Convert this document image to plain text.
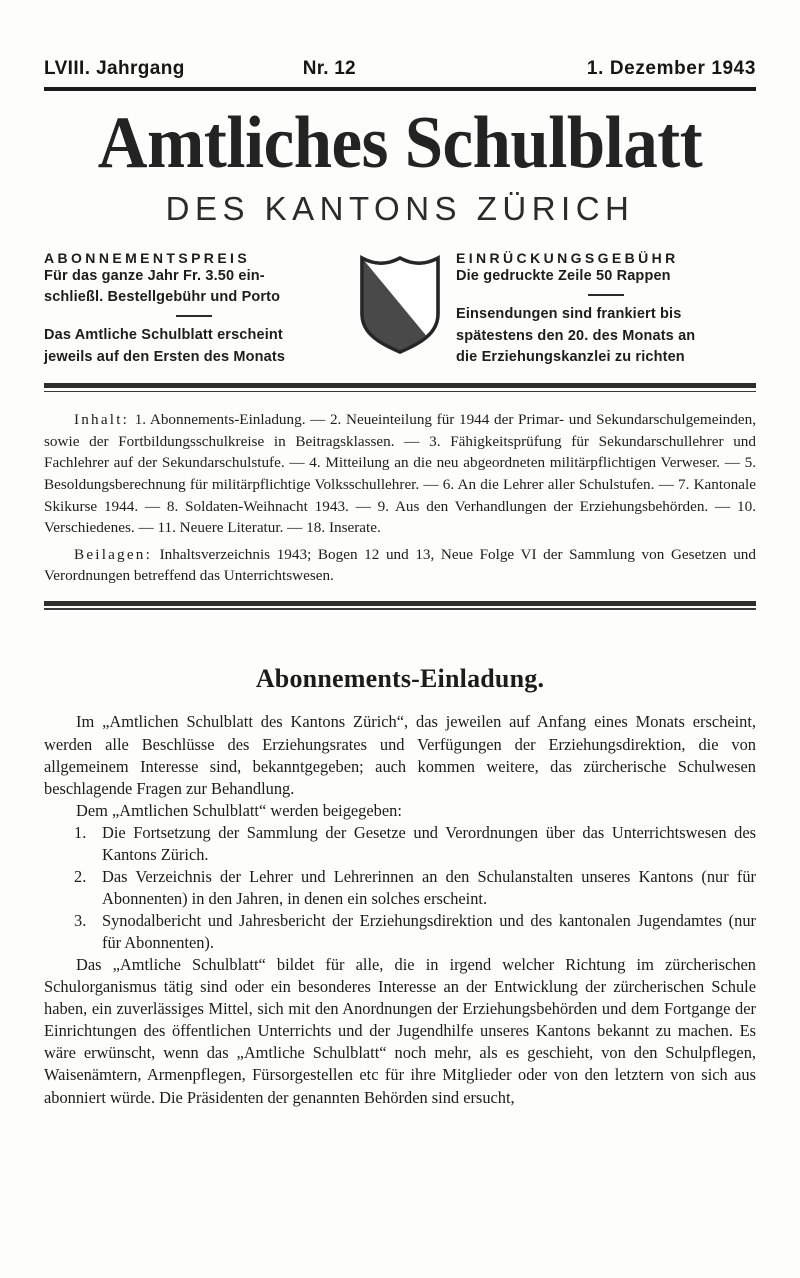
LVIII. Jahrgang	Nr. 12	1. Dezember 1943
Amtliches Schulblatt
DES KANTONS ZÜRICH
ABONNEMENTSPREIS
Für das ganze Jahr Fr. 3.50 ein-
schließl. Bestellgebühr und Porto
Das Amtliche Schulblatt erscheint
jeweils auf den Ersten des Monats
EINRÜCKUNGSGEBÜHR
Die gedruckte Zeile 50 Rappen
Einsendungen sind frankiert bis
spätestens den 20. des Monats an
die Erziehungskanzlei zu richten

Inhalt: 1. Abonnements-Einladung. — 2. Neueinteilung für 1944 der Primar- und Sekundarschulgemeinden, sowie der Fortbildungsschulkreise in Beitragsklassen. — 3. Fähigkeitsprüfung für Sekundarschullehrer und Fachlehrer auf der Sekundarschulstufe. — 4. Mitteilung an die neu abgeordneten militärpflichtigen Verweser. — 5. Besoldungsberechnung für militärpflichtige Volksschullehrer. — 6. An die Lehrer aller Schulstufen. — 7. Kantonale Skikurse 1944. — 8. Soldaten-Weihnacht 1943. — 9. Aus den Verhandlungen der Erziehungsbehörden. — 10. Verschiedenes. — 11. Neuere Literatur. — 18. Inserate.

Beilagen: Inhaltsverzeichnis 1943; Bogen 12 und 13, Neue Folge VI der Sammlung von Gesetzen und Verordnungen betreffend das Unterrichtswesen.

Abonnements-Einladung.

Im „Amtlichen Schulblatt des Kantons Zürich“, das jeweilen auf Anfang eines Monats erscheint, werden alle Beschlüsse des Erziehungsrates und Verfügungen der Erziehungsdirektion, die von allgemeinem Interesse sind, bekanntgegeben; auch kommen weitere, das zürcherische Schulwesen beschlagende Fragen zur Behandlung.

Dem „Amtlichen Schulblatt“ werden beigegeben:

1. Die Fortsetzung der Sammlung der Gesetze und Verordnungen über das Unterrichtswesen des Kantons Zürich.
2. Das Verzeichnis der Lehrer und Lehrerinnen an den Schulanstalten unseres Kantons (nur für Abonnenten) in den Jahren, in denen ein solches erscheint.
3. Synodalbericht und Jahresbericht der Erziehungsdirektion und des kantonalen Jugendamtes (nur für Abonnenten).

Das „Amtliche Schulblatt“ bildet für alle, die in irgend welcher Richtung im zürcherischen Schulorganismus tätig sind oder ein besonderes Interesse an der Entwicklung der zürcherischen Schule haben, ein zuverlässiges Mittel, sich mit den Anordnungen der Erziehungsbehörden und dem Fortgange der Einrichtungen des öffentlichen Unterrichts und der Jugendhilfe unseres Kantons bekannt zu machen. Es wäre erwünscht, wenn das „Amtliche Schulblatt“ noch mehr, als es geschieht, von den Schulpflegen, Waisenämtern, Armenpflegen, Fürsorgestellen etc für ihre Mitglieder oder von den letztern von sich aus abonniert würde. Die Präsidenten der genannten Behörden sind ersucht,
